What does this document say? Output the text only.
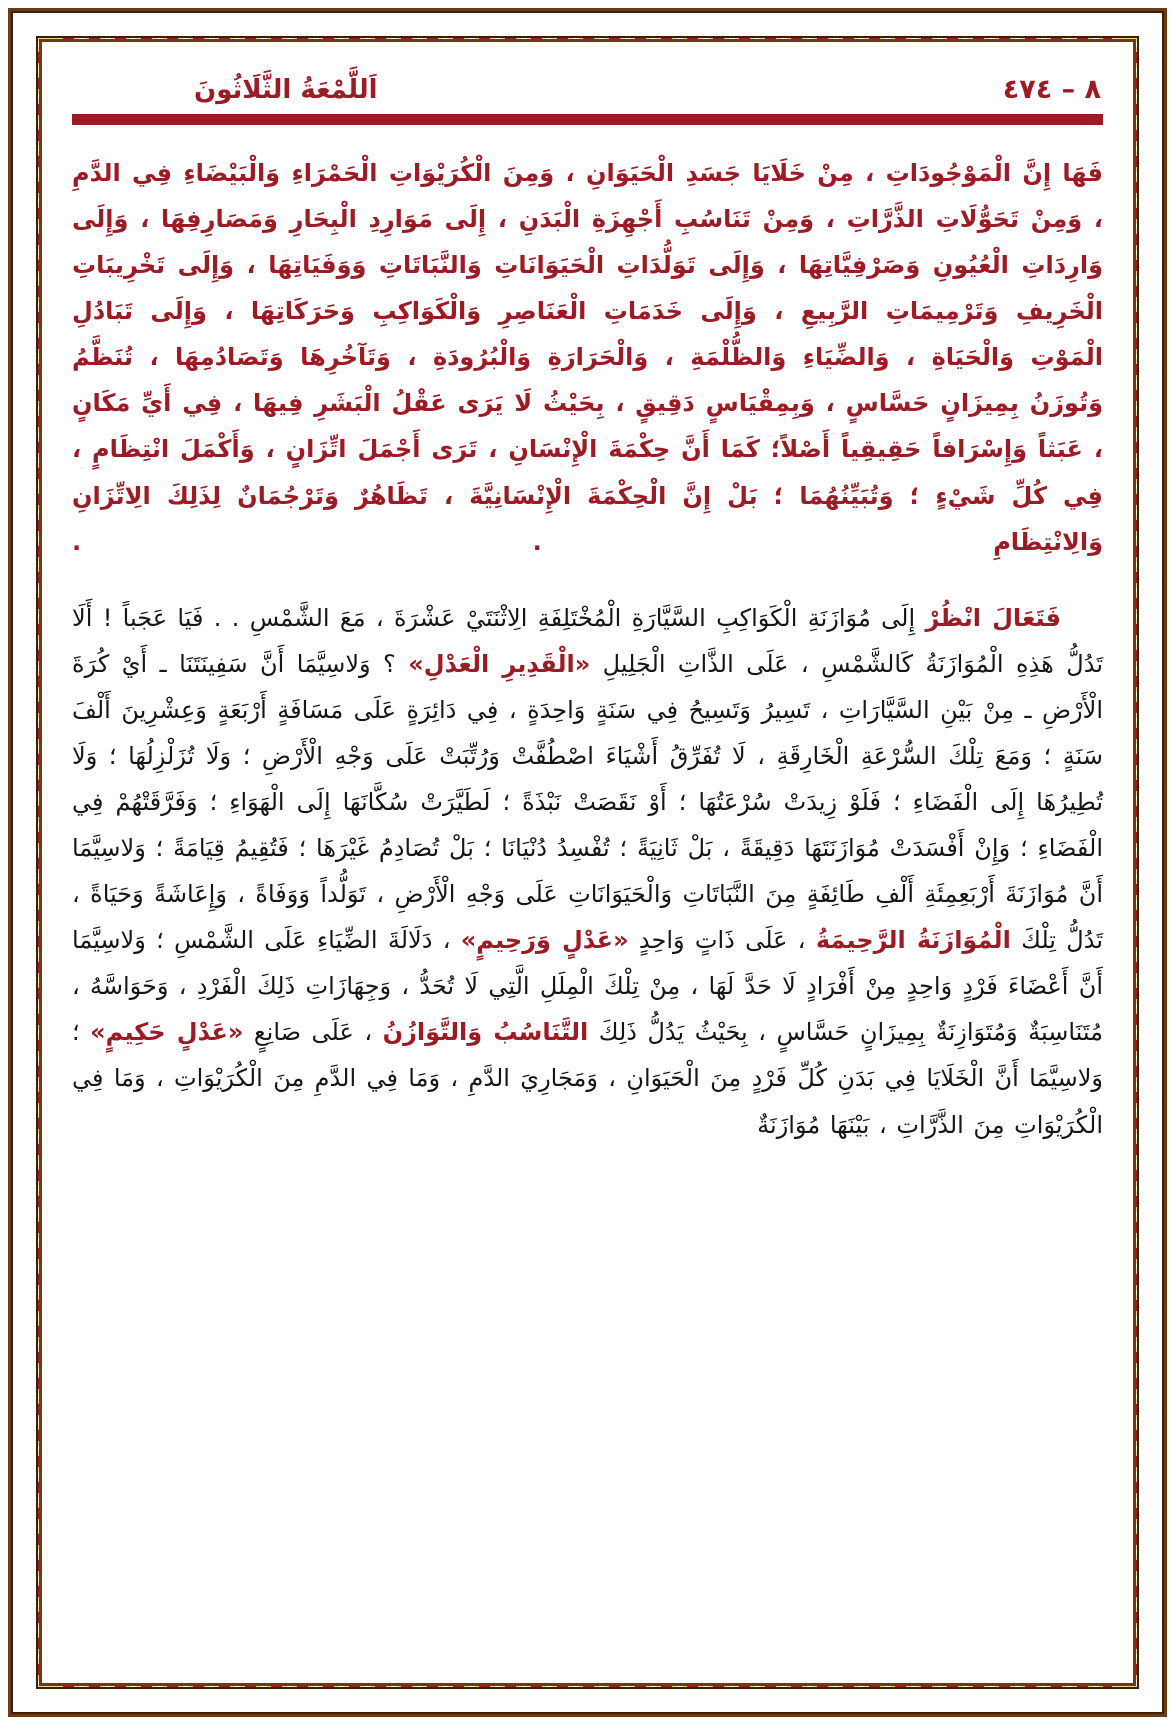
٨ – ٤٧٤
اَللَّمْعَةُ الثَّلَاثُونَ

فَهَا إِنَّ الْمَوْجُودَاتِ ، مِنْ خَلَايَا جَسَدِ الْحَيَوَانِ ، وَمِنَ الْكُرَيْوَاتِ الْحَمْرَاءِ وَالْبَيْضَاءِ فِي الدَّمِ ، وَمِنْ تَحَوُّلَاتِ الذَّرَّاتِ ، وَمِنْ تَنَاسُبِ أَجْهِزَةِ الْبَدَنِ ، إِلَى مَوَارِدِ الْبِحَارِ وَمَصَارِفِهَا ، وَإِلَى وَارِدَاتِ الْعُيُونِ وَصَرْفِيَّاتِهَا ، وَإِلَى تَوَلُّدَاتِ الْحَيَوَانَاتِ وَالنَّبَاتَاتِ وَوَفَيَاتِهَا ، وَإِلَى تَخْرِيبَاتِ الْخَرِيفِ وَتَرْمِيمَاتِ الرَّبِيعِ ، وَإِلَى خَدَمَاتِ الْعَنَاصِرِ وَالْكَوَاكِبِ وَحَرَكَاتِهَا ، وَإِلَى تَبَادُلِ الْمَوْتِ وَالْحَيَاةِ ، وَالضِّيَاءِ وَالظُّلْمَةِ ، وَالْحَرَارَةِ وَالْبُرُودَةِ ، وَتَآخُرِهَا وَتَصَادُمِهَا ، تُنَظَّمُ وَتُوزَنُ بِمِيزَانٍ حَسَّاسٍ ، وَبِمِقْيَاسٍ دَقِيقٍ ، بِحَيْثُ لَا يَرَى عَقْلُ الْبَشَرِ فِيهَا ، فِي أَيِّ مَكَانٍ ، عَبَثاً وَإِسْرَافاً حَقِيقِياً أَصْلاً؛ كَمَا أَنَّ حِكْمَةَ الْإِنْسَانِ ، تَرَى أَجْمَلَ اتِّزَانٍ ، وَأَكْمَلَ انْتِظَامٍ ، فِي كُلِّ شَيْءٍ ؛ وَتُبَيِّنُهُمَا ؛ بَلْ إِنَّ الْحِكْمَةَ الْإِنْسَانِيَّةَ ، تَظَاهُرٌ وَتَرْجُمَانٌ لِذَلِكَ الِاتِّزَانِ وَالِانْتِظَامِ . .

فَتَعَالَ انْظُرْ إِلَى مُوَازَنَةِ الْكَوَاكِبِ السَّيَّارَةِ الْمُخْتَلِفَةِ الِاثْنَتَيْ عَشْرَةَ ، مَعَ الشَّمْسِ . . فَيَا عَجَباً ! أَلَا تَدُلُّ هَذِهِ الْمُوَازَنَةُ كَالشَّمْسِ ، عَلَى الذَّاتِ الْجَلِيلِ «الْقَدِيرِ الْعَدْلِ» ؟ وَلاسِيَّمَا أَنَّ سَفِينَتَنَا ـ أَيْ كُرَةَ الْأَرْضِ ـ مِنْ بَيْنِ السَّيَّارَاتِ ، تَسِيرُ وَتَسِيحُ فِي سَنَةٍ وَاحِدَةٍ ، فِي دَائِرَةٍ عَلَى مَسَافَةٍ أَرْبَعَةٍ وَعِشْرِينَ أَلْفَ سَنَةٍ ؛ وَمَعَ تِلْكَ السُّرْعَةِ الْخَارِقَةِ ، لَا تُفَرِّقُ أَشْيَاءَ اصْطُفَّتْ وَرُتِّبَتْ عَلَى وَجْهِ الْأَرْضِ ؛ وَلَا تُزَلْزِلُهَا ؛ وَلَا تُطِيرُهَا إِلَى الْفَضَاءِ ؛ فَلَوْ زِيدَتْ سُرْعَتُهَا ؛ أَوْ نَقَصَتْ نَبْذَةً ؛ لَطَيَّرَتْ سُكَّانَهَا إِلَى الْهَوَاءِ ؛ وَفَرَّقَتْهُمْ فِي الْفَضَاءِ ؛ وَإِنْ أَفْسَدَتْ مُوَازَنَتَهَا دَقِيقَةً ، بَلْ ثَانِيَةً ؛ تُفْسِدُ دُنْيَانَا ؛ بَلْ تُصَادِمُ غَيْرَهَا ؛ فَتُقِيمُ قِيَامَةً ؛ وَلاسِيَّمَا أَنَّ مُوَازَنَةَ أَرْبَعِمِئَةِ أَلْفِ طَائِفَةٍ مِنَ النَّبَاتَاتِ وَالْحَيَوَانَاتِ عَلَى وَجْهِ الْأَرْضِ ، تَوَلُّداً وَوَفَاةً ، وَإِعَاشَةً وَحَيَاةً ، تَدُلُّ تِلْكَ الْمُوَازَنَةُ الرَّحِيمَةُ ، عَلَى ذَاتٍ وَاحِدٍ «عَدْلٍ وَرَحِيمٍ» ، دَلَالَةَ الضِّيَاءِ عَلَى الشَّمْسِ ؛ وَلاسِيَّمَا أَنَّ أَعْضَاءَ فَرْدٍ وَاحِدٍ مِنْ أَفْرَادٍ لَا حَدَّ لَهَا ، مِنْ تِلْكَ الْمِلَلِ الَّتِي لَا تُحَدُّ ، وَجِهَازَاتِ ذَلِكَ الْفَرْدِ ، وَحَوَاسَّهُ ، مُتَنَاسِبَةٌ وَمُتَوَازِنَةٌ بِمِيزَانٍ حَسَّاسٍ ، بِحَيْثُ يَدُلُّ ذَلِكَ التَّنَاسُبُ وَالتَّوَازُنُ ، عَلَى صَانِعٍ «عَدْلٍ حَكِيمٍ» ؛ وَلاسِيَّمَا أَنَّ الْخَلَايَا فِي بَدَنِ كُلِّ فَرْدٍ مِنَ الْحَيَوَانِ ، وَمَجَارِيَ الدَّمِ ، وَمَا فِي الدَّمِ مِنَ الْكُرَيْوَاتِ ، وَمَا فِي الْكُرَيْوَاتِ مِنَ الذَّرَّاتِ ، بَيْنَهَا مُوَازَنَةٌ
